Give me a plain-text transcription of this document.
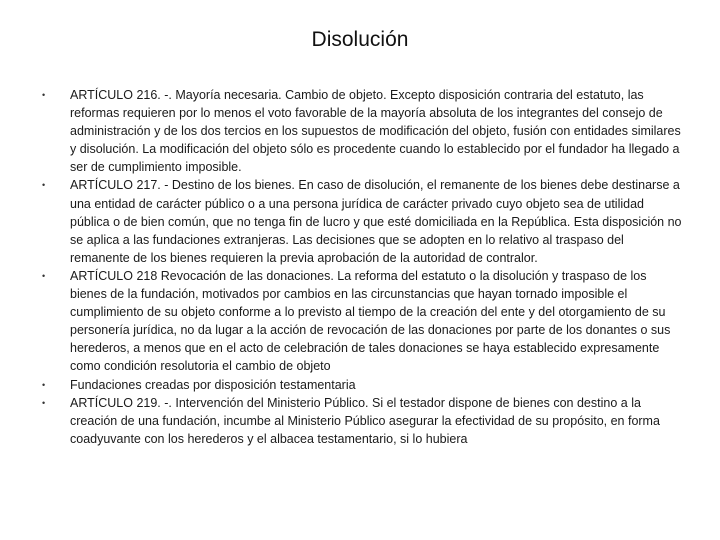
Disolución
• ARTÍCULO 216. -. Mayoría necesaria. Cambio de objeto. Excepto disposición contraria del estatuto, las reformas requieren por lo menos el voto favorable de la mayoría absoluta de los integrantes del consejo de administración y de los dos tercios en los supuestos de modificación del objeto, fusión con entidades similares y disolución. La modificación del objeto sólo es procedente cuando lo establecido por el fundador ha llegado a ser de cumplimiento imposible.
• ARTÍCULO 217. - Destino de los bienes. En caso de disolución, el remanente de los bienes debe destinarse a una entidad de carácter público o a una persona jurídica de carácter privado cuyo objeto sea de utilidad pública o de bien común, que no tenga fin de lucro y que esté domiciliada en la República. Esta disposición no se aplica a las fundaciones extranjeras. Las decisiones que se adopten en lo relativo al traspaso del remanente de los bienes requieren la previa aprobación de la autoridad de contralor.
• ARTÍCULO 218 Revocación de las donaciones. La reforma del estatuto o la disolución y traspaso de los bienes de la fundación, motivados por cambios en las circunstancias que hayan tornado imposible el cumplimiento de su objeto conforme a lo previsto al tiempo de la creación del ente y del otorgamiento de su personería jurídica, no da lugar a la acción de revocación de las donaciones por parte de los donantes o sus herederos, a menos que en el acto de celebración de tales donaciones se haya establecido expresamente como condición resolutoria el cambio de objeto
• Fundaciones creadas por disposición testamentaria
• ARTÍCULO 219. -. Intervención del Ministerio Público. Si el testador dispone de bienes con destino a la creación de una fundación, incumbe al Ministerio Público asegurar la efectividad de su propósito, en forma coadyuvante con los herederos y el albacea testamentario, si lo hubiera
